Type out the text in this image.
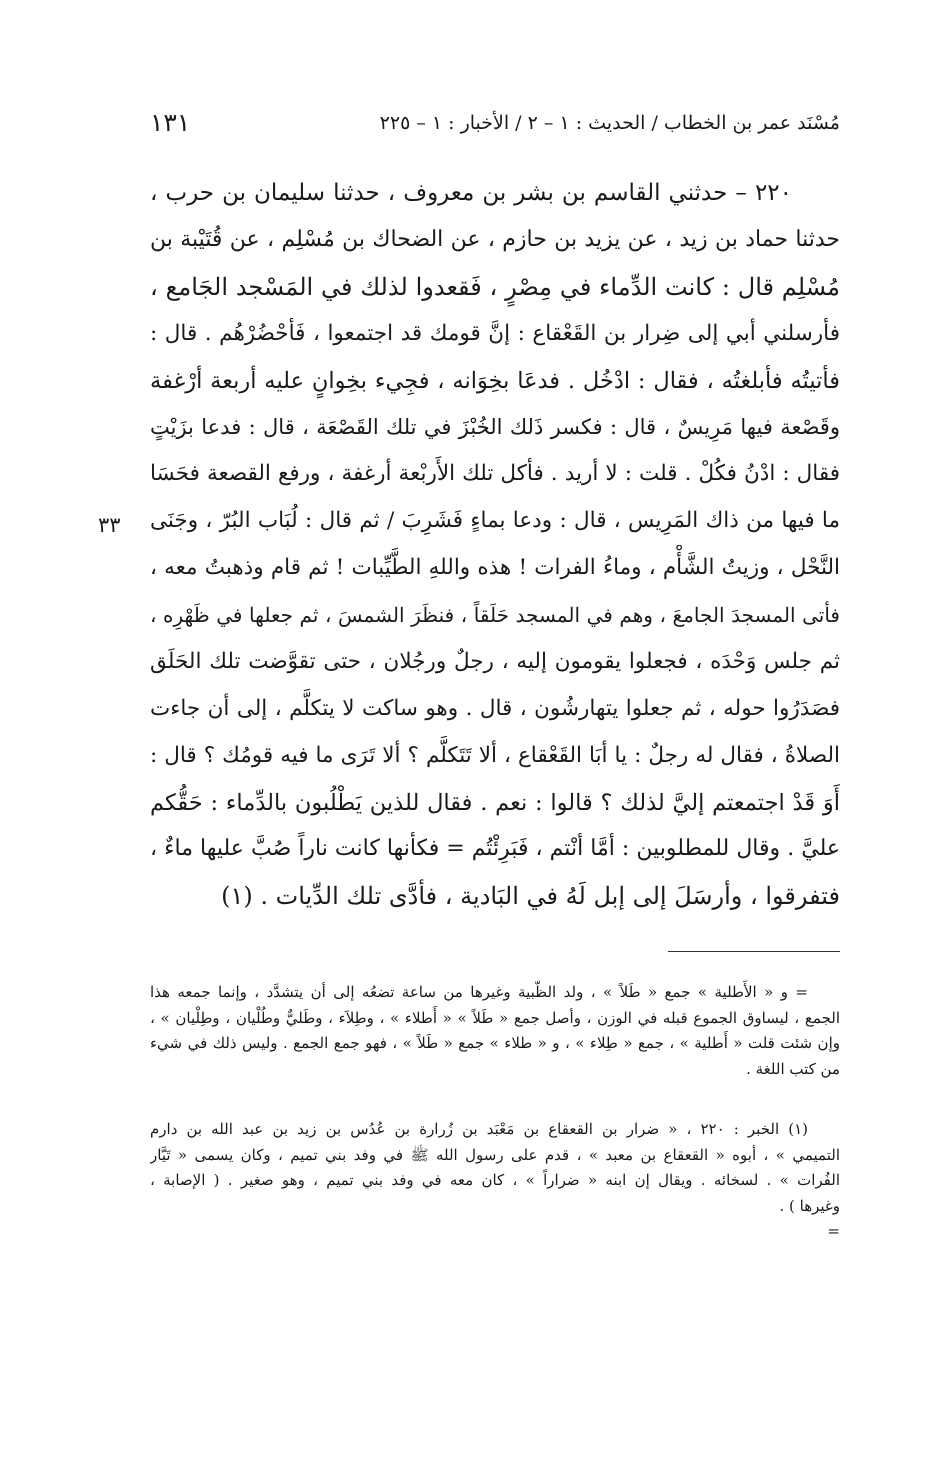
مُسْنَد عمر بن الخطاب / الحديث : ١ – ٢ / الأخبار : ١ – ٢٢٥
١٣١
٢٢٠ – حدثني القاسم بن بشر بن معروف ، حدثنا سليمان بن حرب ،
حدثنا حماد بن زيد ، عن يزيد بن حازم ، عن الضحاك بن مُسْلِم ، عن قُتَيْبة بن
مُسْلِم قال : كانت الدِّماء في مِصْرٍ ، فَقعدوا لذلك في المَسْجد الجَامع ،
فأرسلني أبي إلى ضِرار بن القَعْقاع : إنَّ قومك قد اجتمعوا ، فَأحْضُرْهُم . قال :
فأتيتُه فأبلغتُه ، فقال : ادْخُل . فدعَا بخِوَانه ، فجِيء بخِوانٍ عليه أربعة أرْغفة
وقَصْعة فيها مَرِيسٌ ، قال : فكسر ذَلك الخُبْزَ في تلك القَصْعَة ، قال : فدعا بزَيْتٍ
فقال : ادْنُ فكُلْ . قلت : لا أريد . فأكل تلك الأَربْعة أرغفة ، ورفع القصعة فحَسَا
ما فيها من ذاك المَرِيس ، قال : ودعا بماءٍ فَشَرِبَ / ثم قال : لُبَاب البُرّ ، وجَنَى
النَّحْل ، وزيتُ الشَّأْم ، وماءُ الفرات ! هذه واللهِ الطَّيِّبات ! ثم قام وذهبتُ معه ،
فأتى المسجدَ الجامعَ ، وهم في المسجد حَلَقاً ، فنظَرَ الشمسَ ، ثم جعلها في ظَهْرِه ،
ثم جلس وَحْدَه ، فجعلوا يقومون إليه ، رجلٌ ورجُلان ، حتى تقوَّضت تلك الحَلَق
فصَدَرُوا حوله ، ثم جعلوا يتهارشُون ، قال . وهو ساكت لا يتكلَّم ، إلى أن جاءت
الصلاةُ ، فقال له رجلٌ : يا أبَا القَعْقاع ، ألا تَتَكلَّم ؟ ألا تَرَى ما فيه قومُك ؟ قال :
أَوَ قَدْ اجتمعتم إليَّ لذلك ؟ قالوا : نعم . فقال للذين يَطْلُبون بالدِّماء : حَقُّكم
عليَّ . وقال للمطلوبين : أمَّا أنْتم ، فَبَرِئْتُم = فكأنها كانت ناراً صُبَّ عليها ماءٌ ،
فتفرقوا ، وأرسَلَ إلى إبل لَهُ في البَادية ، فأدَّى تلك الدِّيات . (١)
٣٣
= و « الأَطلية » جمع « طَلاً » ، ولد الظَّبية وغيرها من ساعة تضعُه إلى أن يتشدَّد ، وإنما جمعه هذا
الجمع ، ليساوق الجموع قبله في الوزن ، وأصل جمع « طَلاً » « أَطلاء » ، وطِلاَء ، وطَليٌّ وطُلْيان ، وطِلْيان » ،
وإن شئت قلت « أَطلية » ، جمع « طِلاء » ، و « طلاء » جمع « طَلاً » ، فهو جمع الجمع . وليس ذلك في شيء
من كتب اللغة .
(١) الخبر : ٢٢٠ ، « ضرار بن القعقاع بن مَعْبَد بن زُرارة بن عُدُس بن زيد بن عبد الله بن دارم
التميمي » ، أبوه « القعقاع بن معبد » ، قدم على رسول الله ﷺ في وفد بني تميم ، وكان يسمى « تَيَّار
الفُرات » . لسخائه . ويقال إن ابنه « ضراراً » ، كان معه في وفد بني تميم ، وهو صغير . ( الإصابة ،
وغيرها ) .
=
